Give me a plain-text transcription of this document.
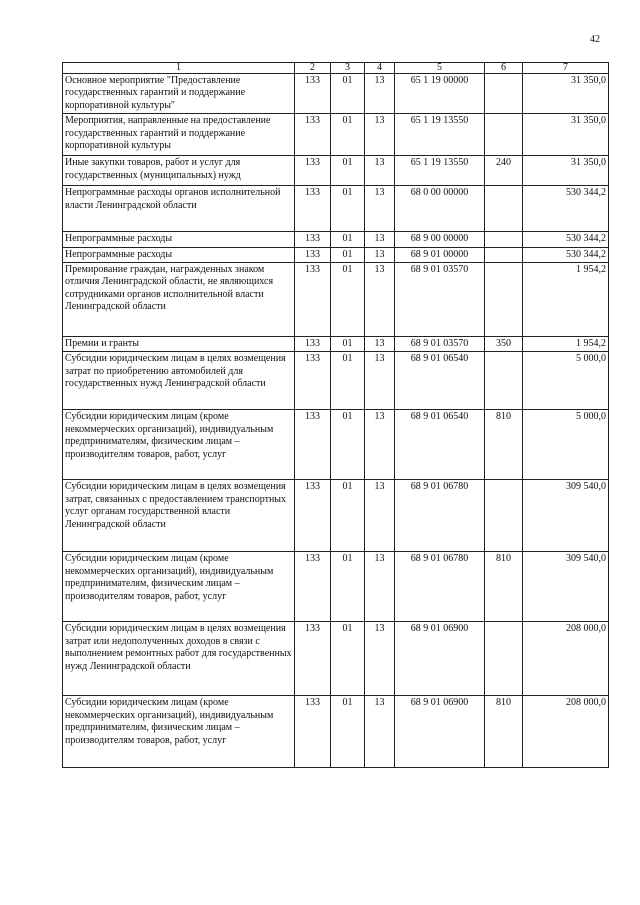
42
1	2	3	4	5	6	7
Основное мероприятие "Предоставление государственных гарантий и поддержание корпоративной культуры"	133	01	13	65 1 19 00000		31 350,0
Мероприятия, направленные на предоставление государственных гарантий и поддержание корпоративной культуры	133	01	13	65 1 19 13550		31 350,0
Иные закупки товаров, работ и услуг для государственных (муниципальных) нужд	133	01	13	65 1 19 13550	240	31 350,0
Непрограммные расходы органов исполнительной власти Ленинградской области	133	01	13	68 0 00 00000		530 344,2
Непрограммные расходы	133	01	13	68 9 00 00000		530 344,2
Непрограммные расходы	133	01	13	68 9 01 00000		530 344,2
Премирование граждан, награжденных знаком отличия Ленинградской области, не являющихся сотрудниками органов исполнительной власти Ленинградской области	133	01	13	68 9 01 03570		1 954,2
Премии и гранты	133	01	13	68 9 01 03570	350	1 954,2
Субсидии юридическим лицам в целях возмещения затрат по приобретению автомобилей для государственных нужд Ленинградской области	133	01	13	68 9 01 06540		5 000,0
Субсидии юридическим лицам (кроме некоммерческих организаций), индивидуальным предпринимателям, физическим лицам – производителям товаров, работ, услуг	133	01	13	68 9 01 06540	810	5 000,0
Субсидии юридическим лицам в целях возмещения затрат, связанных с предоставлением транспортных услуг органам государственной власти Ленинградской области	133	01	13	68 9 01 06780		309 540,0
Субсидии юридическим лицам (кроме некоммерческих организаций), индивидуальным предпринимателям, физическим лицам – производителям товаров, работ, услуг	133	01	13	68 9 01 06780	810	309 540,0
Субсидии юридическим лицам в целях возмещения затрат или недополученных доходов в связи с выполнением ремонтных работ для государственных нужд Ленинградской области	133	01	13	68 9 01 06900		208 000,0
Субсидии юридическим лицам (кроме некоммерческих организаций), индивидуальным предпринимателям, физическим лицам – производителям товаров, работ, услуг	133	01	13	68 9 01 06900	810	208 000,0
